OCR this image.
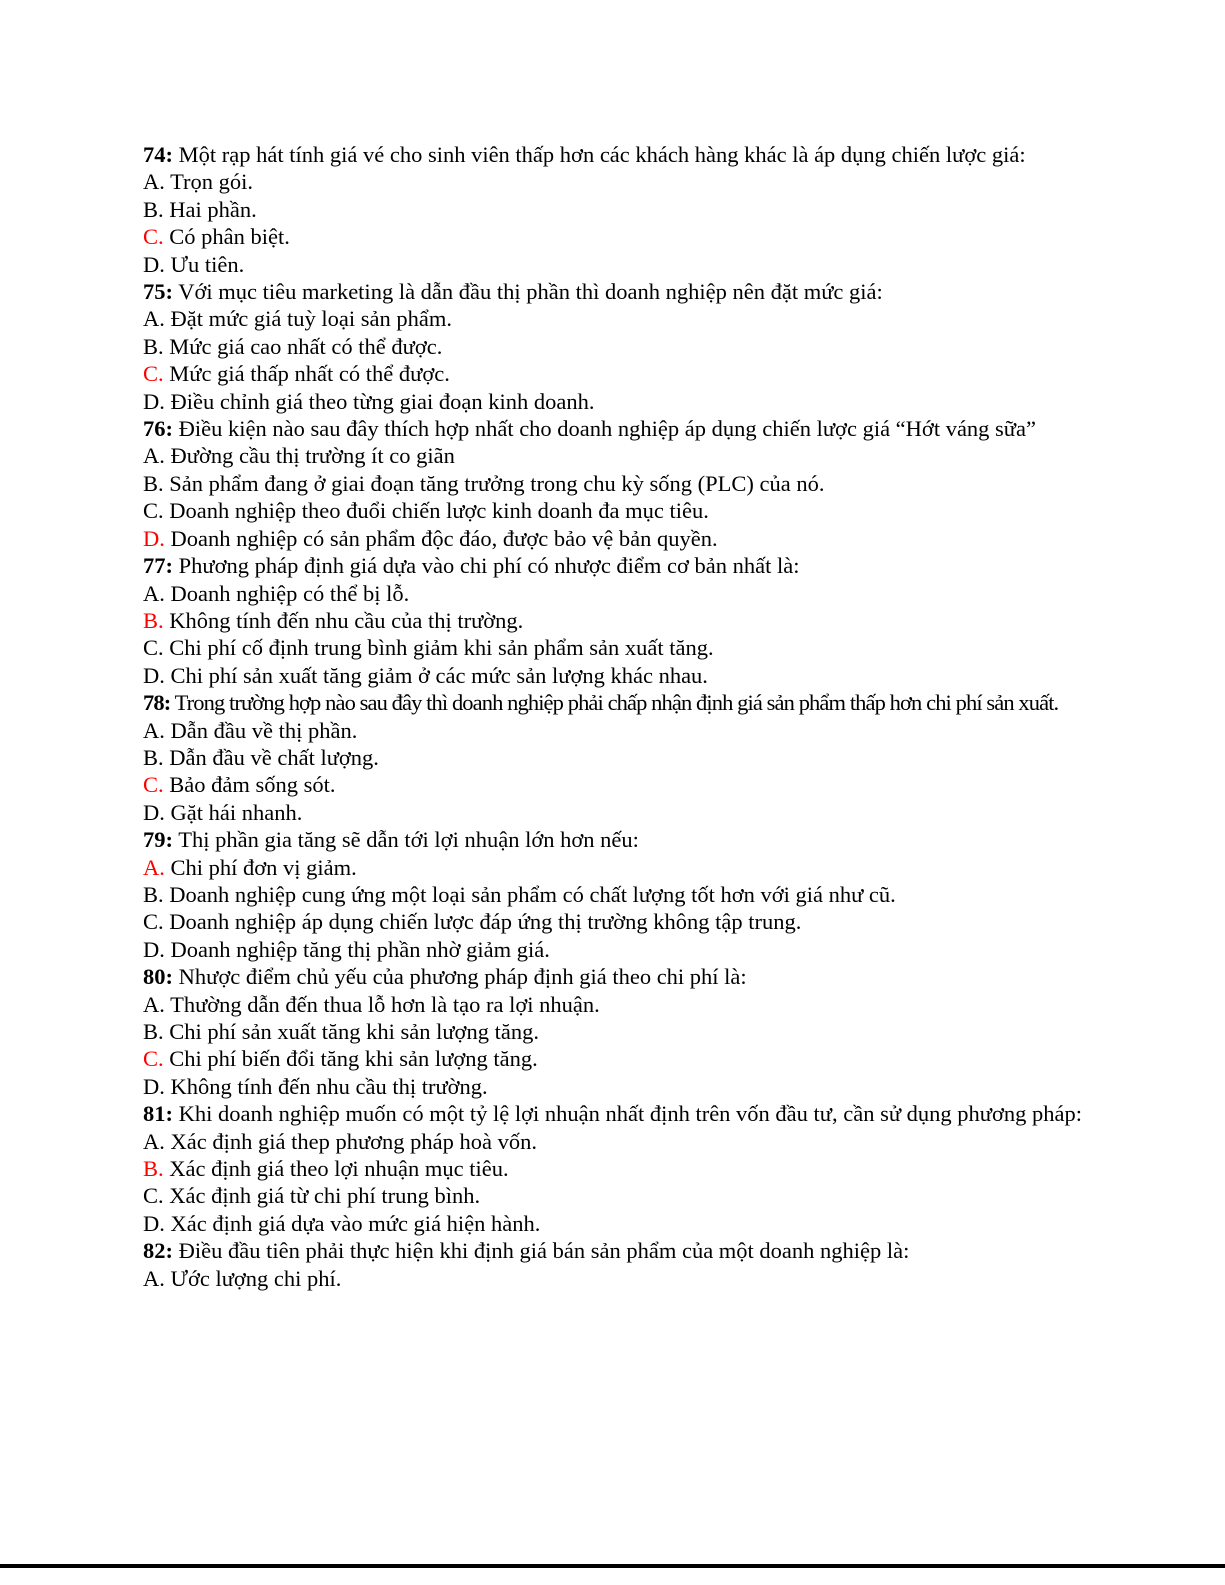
74: Một rạp hát tính giá vé cho sinh viên thấp hơn các khách hàng khác là áp dụng chiến lược giá:

A. Trọn gói.

B. Hai phần.

C. Có phân biệt.

D. Ưu tiên.

75: Với mục tiêu marketing là dẫn đầu thị phần thì doanh nghiệp nên đặt mức giá:

A. Đặt mức giá tuỳ loại sản phẩm.

B. Mức giá cao nhất có thể được.

C. Mức giá thấp nhất có thể được.

D. Điều chỉnh giá theo từng giai đoạn kinh doanh.

76: Điều kiện nào sau đây thích hợp nhất cho doanh nghiệp áp dụng chiến lược giá “Hớt váng sữa”

A. Đường cầu thị trường ít co giãn

B. Sản phẩm đang ở giai đoạn tăng trưởng trong chu kỳ sống (PLC) của nó.

C. Doanh nghiệp theo đuổi chiến lược kinh doanh đa mục tiêu.

D. Doanh nghiệp có sản phẩm độc đáo, được bảo vệ bản quyền.

77: Phương pháp định giá dựa vào chi phí có nhược điểm cơ bản nhất là:

A. Doanh nghiệp có thể bị lỗ.

B. Không tính đến nhu cầu của thị trường.

C. Chi phí cố định trung bình giảm khi sản phẩm sản xuất tăng.

D. Chi phí sản xuất tăng giảm ở các mức sản lượng khác nhau.

78: Trong trường hợp nào sau đây thì doanh nghiệp phải chấp nhận định giá sản phẩm thấp hơn chi phí sản xuất.

A. Dẫn đầu về thị phần.

B. Dẫn đầu về chất lượng.

C. Bảo đảm sống sót.

D. Gặt hái nhanh.

79: Thị phần gia tăng sẽ dẫn tới lợi nhuận lớn hơn nếu:

A. Chi phí đơn vị giảm.

B. Doanh nghiệp cung ứng một loại sản phẩm có chất lượng tốt hơn với giá như cũ.

C. Doanh nghiệp áp dụng chiến lược đáp ứng thị trường không tập trung.

D. Doanh nghiệp tăng thị phần nhờ giảm giá.

80: Nhược điểm chủ yếu của phương pháp định giá theo chi phí là:

A. Thường dẫn đến thua lỗ hơn là tạo ra lợi nhuận.

B. Chi phí sản xuất tăng khi sản lượng tăng.

C. Chi phí biến đổi tăng khi sản lượng tăng.

D. Không tính đến nhu cầu thị trường.

81: Khi doanh nghiệp muốn có một tỷ lệ lợi nhuận nhất định trên vốn đầu tư, cần sử dụng phương pháp:

A. Xác định giá thep phương pháp hoà vốn.

B. Xác định giá theo lợi nhuận mục tiêu.

C. Xác định giá từ chi phí trung bình.

D. Xác định giá dựa vào mức giá hiện hành.

82: Điều đầu tiên phải thực hiện khi định giá bán sản phẩm của một doanh nghiệp là:

A. Ước lượng chi phí.
